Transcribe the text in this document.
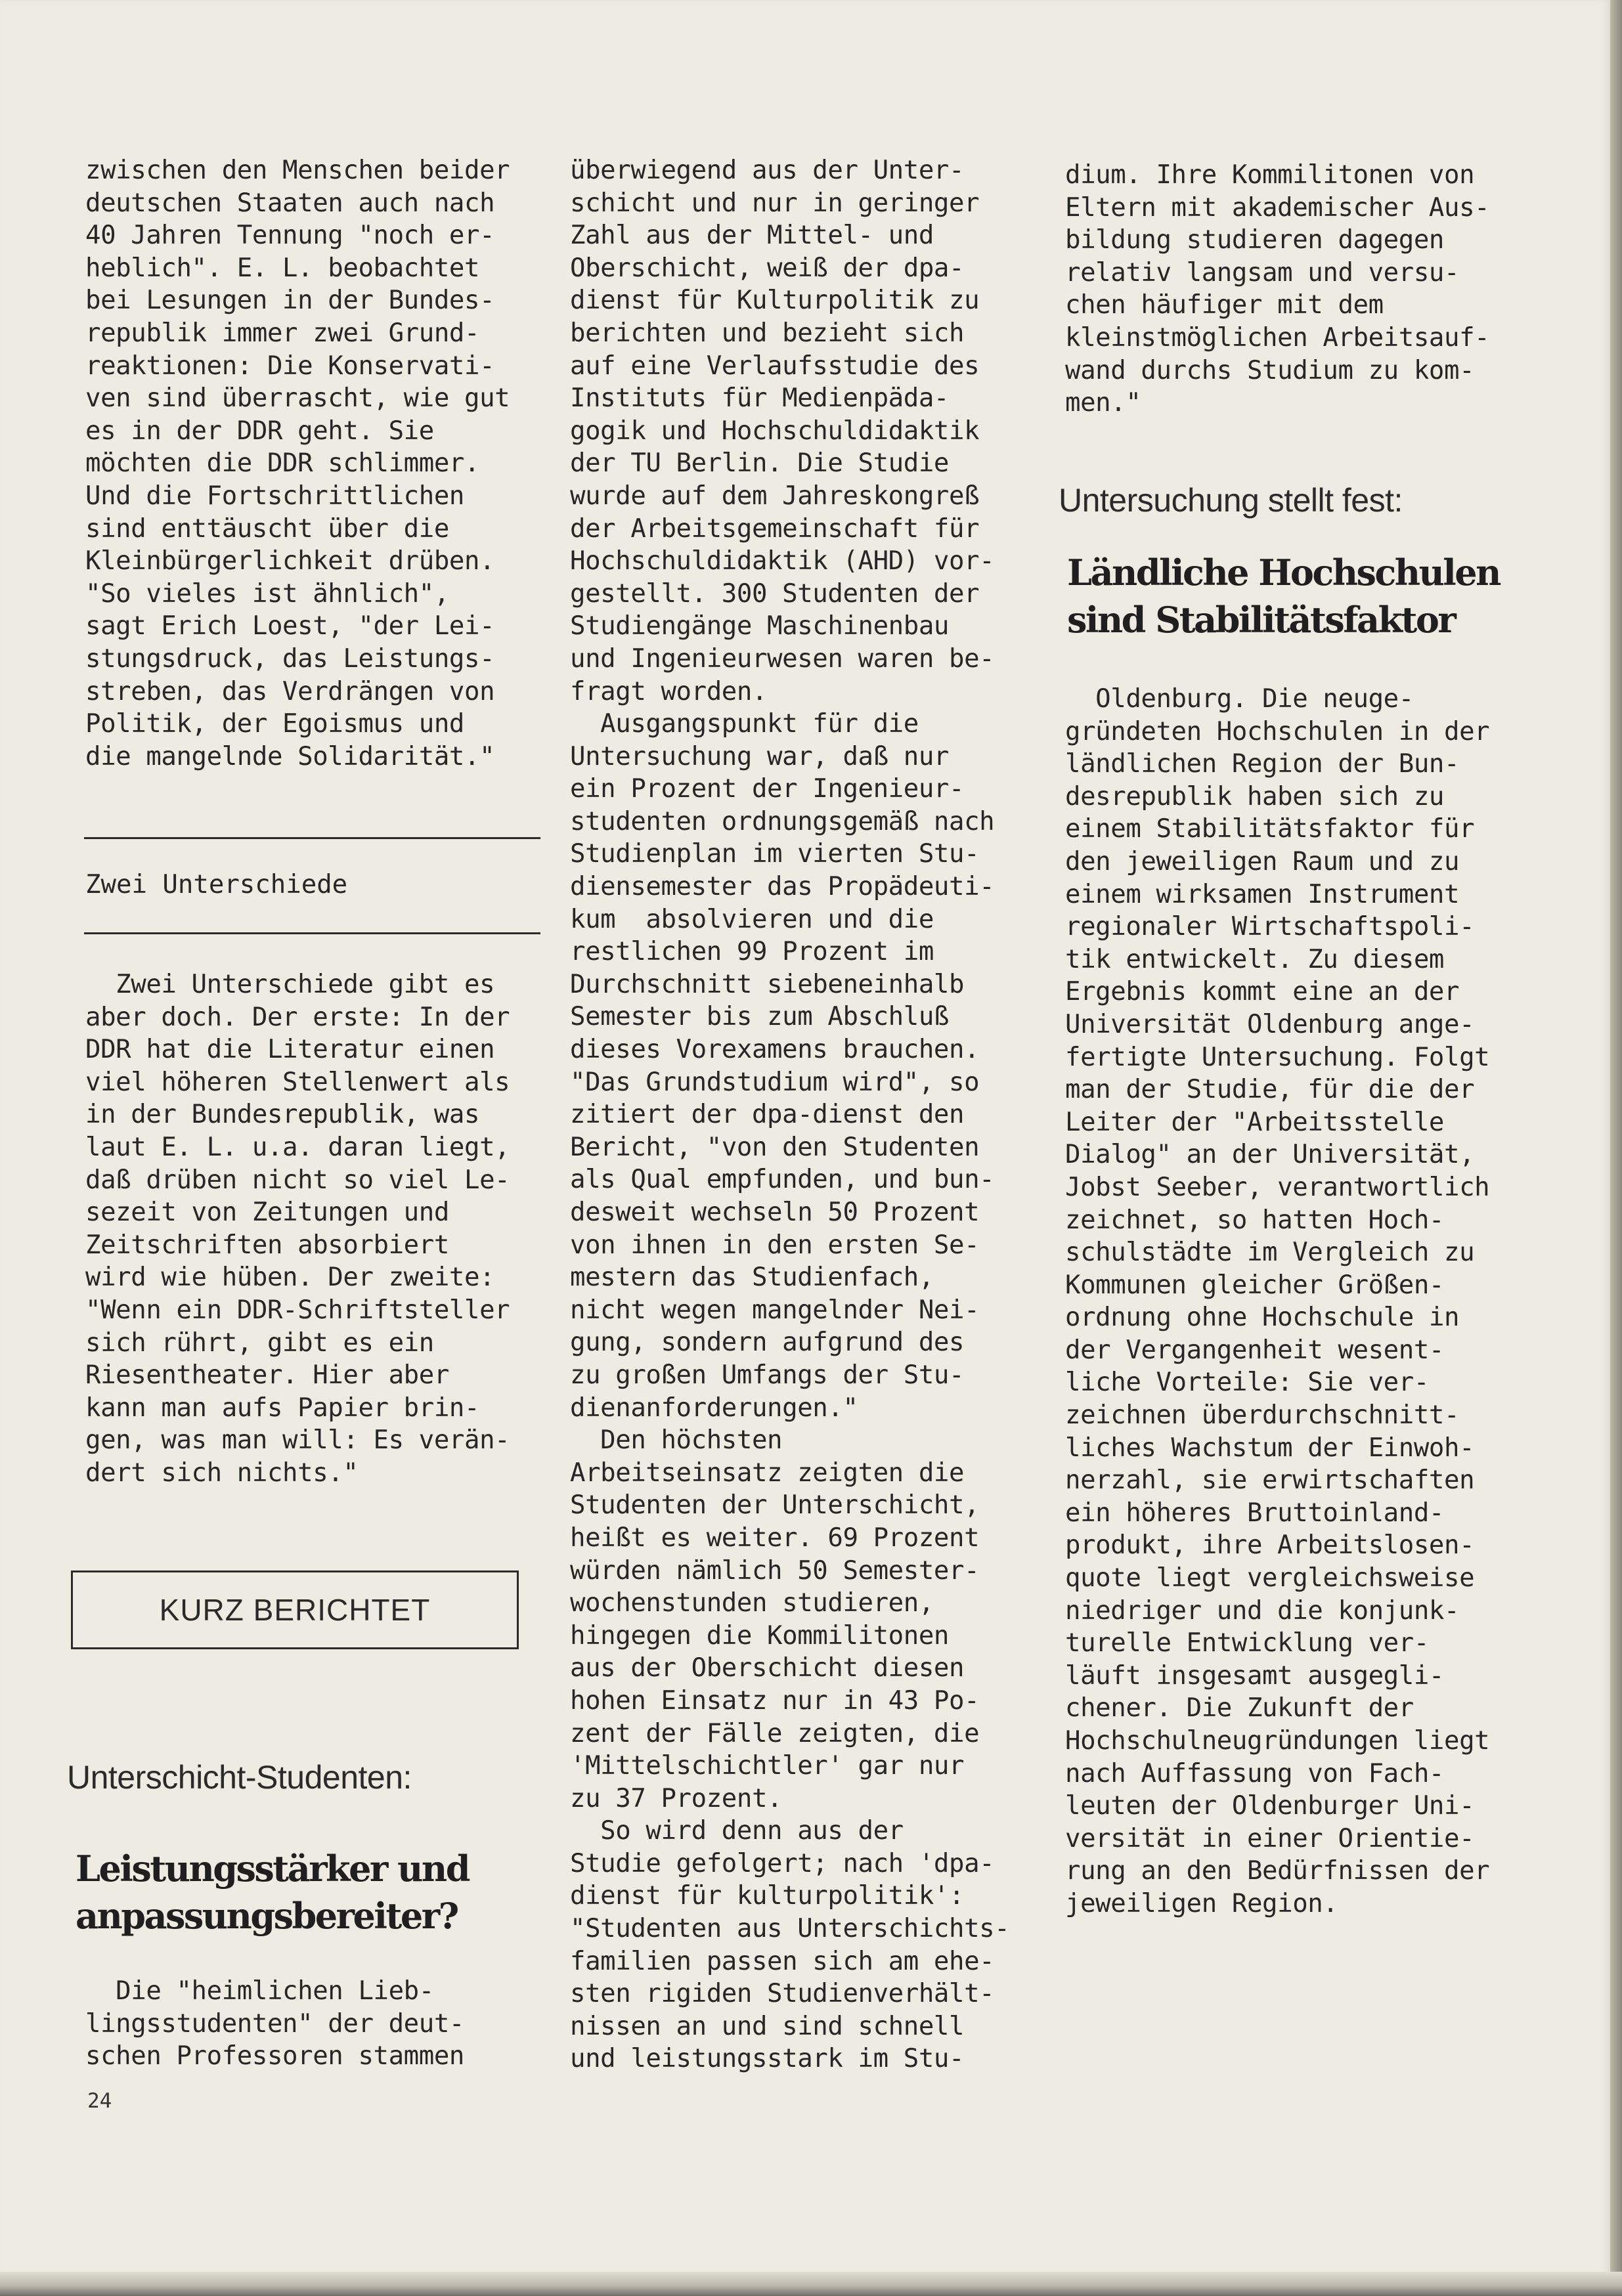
zwischen den Menschen beider
deutschen Staaten auch nach
40 Jahren Tennung "noch er-
heblich". E. L. beobachtet
bei Lesungen in der Bundes-
republik immer zwei Grund-
reaktionen: Die Konservati-
ven sind überrascht, wie gut
es in der DDR geht. Sie
möchten die DDR schlimmer.
Und die Fortschrittlichen
sind enttäuscht über die
Kleinbürgerlichkeit drüben.
"So vieles ist ähnlich",
sagt Erich Loest, "der Lei-
stungsdruck, das Leistungs-
streben, das Verdrängen von
Politik, der Egoismus und
die mangelnde Solidarität."
Zwei Unterschiede
Zwei Unterschiede gibt es
aber doch. Der erste: In der
DDR hat die Literatur einen
viel höheren Stellenwert als
in der Bundesrepublik, was
laut E. L. u.a. daran liegt,
daß drüben nicht so viel Le-
sezeit von Zeitungen und
Zeitschriften absorbiert
wird wie hüben. Der zweite:
"Wenn ein DDR-Schriftsteller
sich rührt, gibt es ein
Riesentheater. Hier aber
kann man aufs Papier brin-
gen, was man will: Es verän-
dert sich nichts."
KURZ BERICHTET
Unterschicht-Studenten:
Leistungsstärker und
anpassungsbereiter?
Die "heimlichen Lieb-
lingsstudenten" der deut-
schen Professoren stammen
24
überwiegend aus der Unter-
schicht und nur in geringer
Zahl aus der Mittel- und
Oberschicht, weiß der dpa-
dienst für Kulturpolitik zu
berichten und bezieht sich
auf eine Verlaufsstudie des
Instituts für Medienpäda-
gogik und Hochschuldidaktik
der TU Berlin. Die Studie
wurde auf dem Jahreskongreß
der Arbeitsgemeinschaft für
Hochschuldidaktik (AHD) vor-
gestellt. 300 Studenten der
Studiengänge Maschinenbau
und Ingenieurwesen waren be-
fragt worden.
Ausgangspunkt für die
Untersuchung war, daß nur
ein Prozent der Ingenieur-
studenten ordnungsgemäß nach
Studienplan im vierten Stu-
diensemester das Propädeuti-
kum  absolvieren und die
restlichen 99 Prozent im
Durchschnitt siebeneinhalb
Semester bis zum Abschluß
dieses Vorexamens brauchen.
"Das Grundstudium wird", so
zitiert der dpa-dienst den
Bericht, "von den Studenten
als Qual empfunden, und bun-
desweit wechseln 50 Prozent
von ihnen in den ersten Se-
mestern das Studienfach,
nicht wegen mangelnder Nei-
gung, sondern aufgrund des
zu großen Umfangs der Stu-
dienanforderungen."
Den höchsten
Arbeitseinsatz zeigten die
Studenten der Unterschicht,
heißt es weiter. 69 Prozent
würden nämlich 50 Semester-
wochenstunden studieren,
hingegen die Kommilitonen
aus der Oberschicht diesen
hohen Einsatz nur in 43 Po-
zent der Fälle zeigten, die
'Mittelschichtler' gar nur
zu 37 Prozent.
So wird denn aus der
Studie gefolgert; nach 'dpa-
dienst für kulturpolitik':
"Studenten aus Unterschichts-
familien passen sich am ehe-
sten rigiden Studienverhält-
nissen an und sind schnell
und leistungsstark im Stu-
dium. Ihre Kommilitonen von
Eltern mit akademischer Aus-
bildung studieren dagegen
relativ langsam und versu-
chen häufiger mit dem
kleinstmöglichen Arbeitsauf-
wand durchs Studium zu kom-
men."
Untersuchung stellt fest:
Ländliche Hochschulen
sind Stabilitätsfaktor
Oldenburg. Die neuge-
gründeten Hochschulen in der
ländlichen Region der Bun-
desrepublik haben sich zu
einem Stabilitätsfaktor für
den jeweiligen Raum und zu
einem wirksamen Instrument
regionaler Wirtschaftspoli-
tik entwickelt. Zu diesem
Ergebnis kommt eine an der
Universität Oldenburg ange-
fertigte Untersuchung. Folgt
man der Studie, für die der
Leiter der "Arbeitsstelle
Dialog" an der Universität,
Jobst Seeber, verantwortlich
zeichnet, so hatten Hoch-
schulstädte im Vergleich zu
Kommunen gleicher Größen-
ordnung ohne Hochschule in
der Vergangenheit wesent-
liche Vorteile: Sie ver-
zeichnen überdurchschnitt-
liches Wachstum der Einwoh-
nerzahl, sie erwirtschaften
ein höheres Bruttoinland-
produkt, ihre Arbeitslosen-
quote liegt vergleichsweise
niedriger und die konjunk-
turelle Entwicklung ver-
läuft insgesamt ausgegli-
chener. Die Zukunft der
Hochschulneugründungen liegt
nach Auffassung von Fach-
leuten der Oldenburger Uni-
versität in einer Orientie-
rung an den Bedürfnissen der
jeweiligen Region.
